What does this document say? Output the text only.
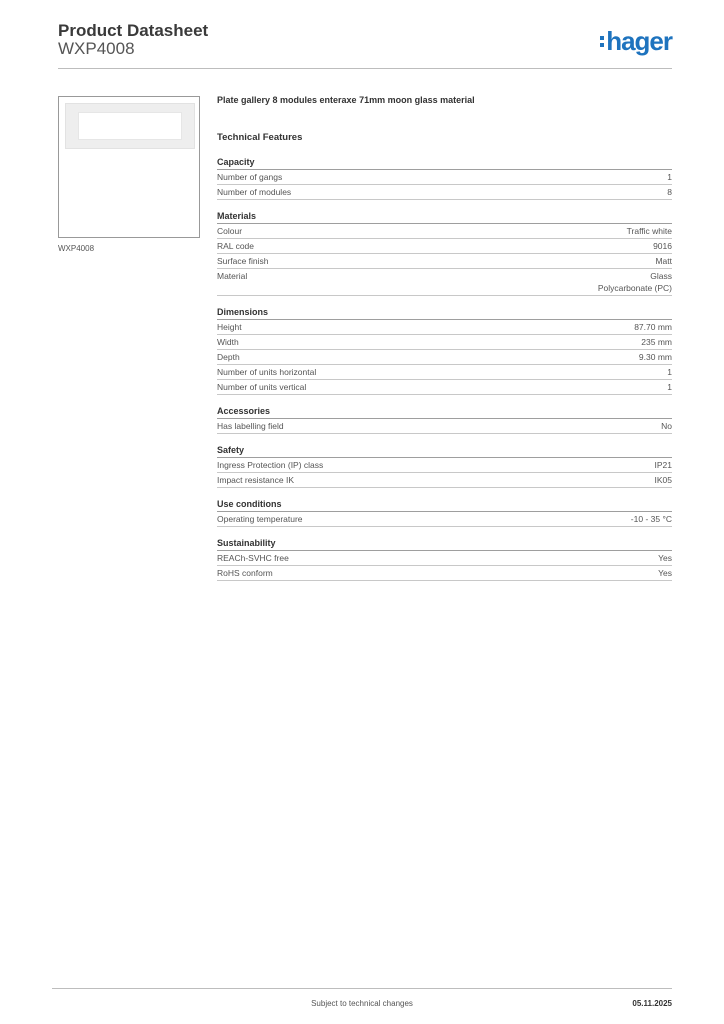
Product Datasheet
WXP4008	hager
WXP4008
Plate gallery 8 modules enteraxe 71mm moon glass material
Technical Features
Capacity
Number of gangs	1
Number of modules	8
Materials
Colour	Traffic white
RAL code	9016
Surface finish	Matt
Material	Glass
Polycarbonate (PC)
Dimensions
Height	87.70 mm
Width	235 mm
Depth	9.30 mm
Number of units horizontal	1
Number of units vertical	1
Accessories
Has labelling field	No
Safety
Ingress Protection (IP) class	IP21
Impact resistance IK	IK05
Use conditions
Operating temperature	-10 - 35 °C
Sustainability
REACh-SVHC free	Yes
RoHS conform	Yes
Subject to technical changes	05.11.2025
